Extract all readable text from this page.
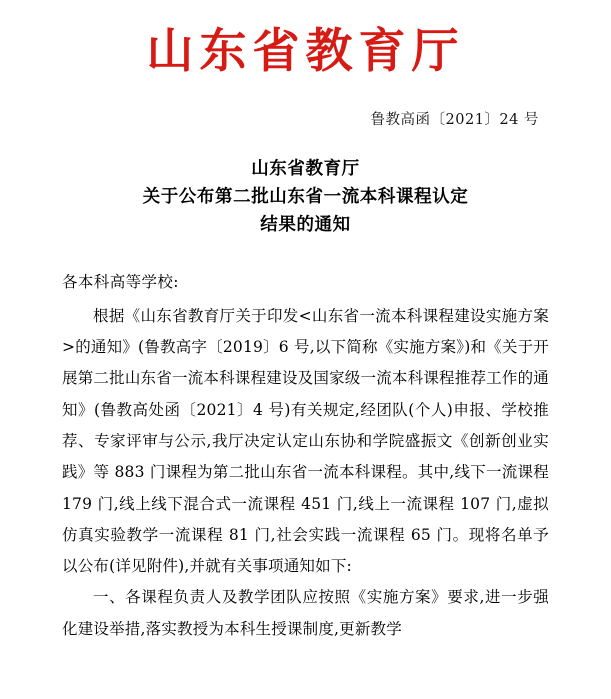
山东省教育厅
鲁教高函〔2021〕24 号
山东省教育厅
关于公布第二批山东省一流本科课程认定
结果的通知
各本科高等学校:
根据《山东省教育厅关于印发<山东省一流本科课程建设实施方案>的通知》(鲁教高字〔2019〕6 号,以下简称《实施方案》)和《关于开展第二批山东省一流本科课程建设及国家级一流本科课程推荐工作的通知》(鲁教高处函〔2021〕4 号)有关规定,经团队(个人)申报、学校推荐、专家评审与公示,我厅决定认定山东协和学院盛振文《创新创业实践》等 883 门课程为第二批山东省一流本科课程。其中,线下一流课程 179 门,线上线下混合式一流课程 451 门,线上一流课程 107 门,虚拟仿真实验教学一流课程 81 门,社会实践一流课程 65 门。现将名单予以公布(详见附件),并就有关事项通知如下:
一、各课程负责人及教学团队应按照《实施方案》要求,进一步强化建设举措,落实教授为本科生授课制度,更新教学
